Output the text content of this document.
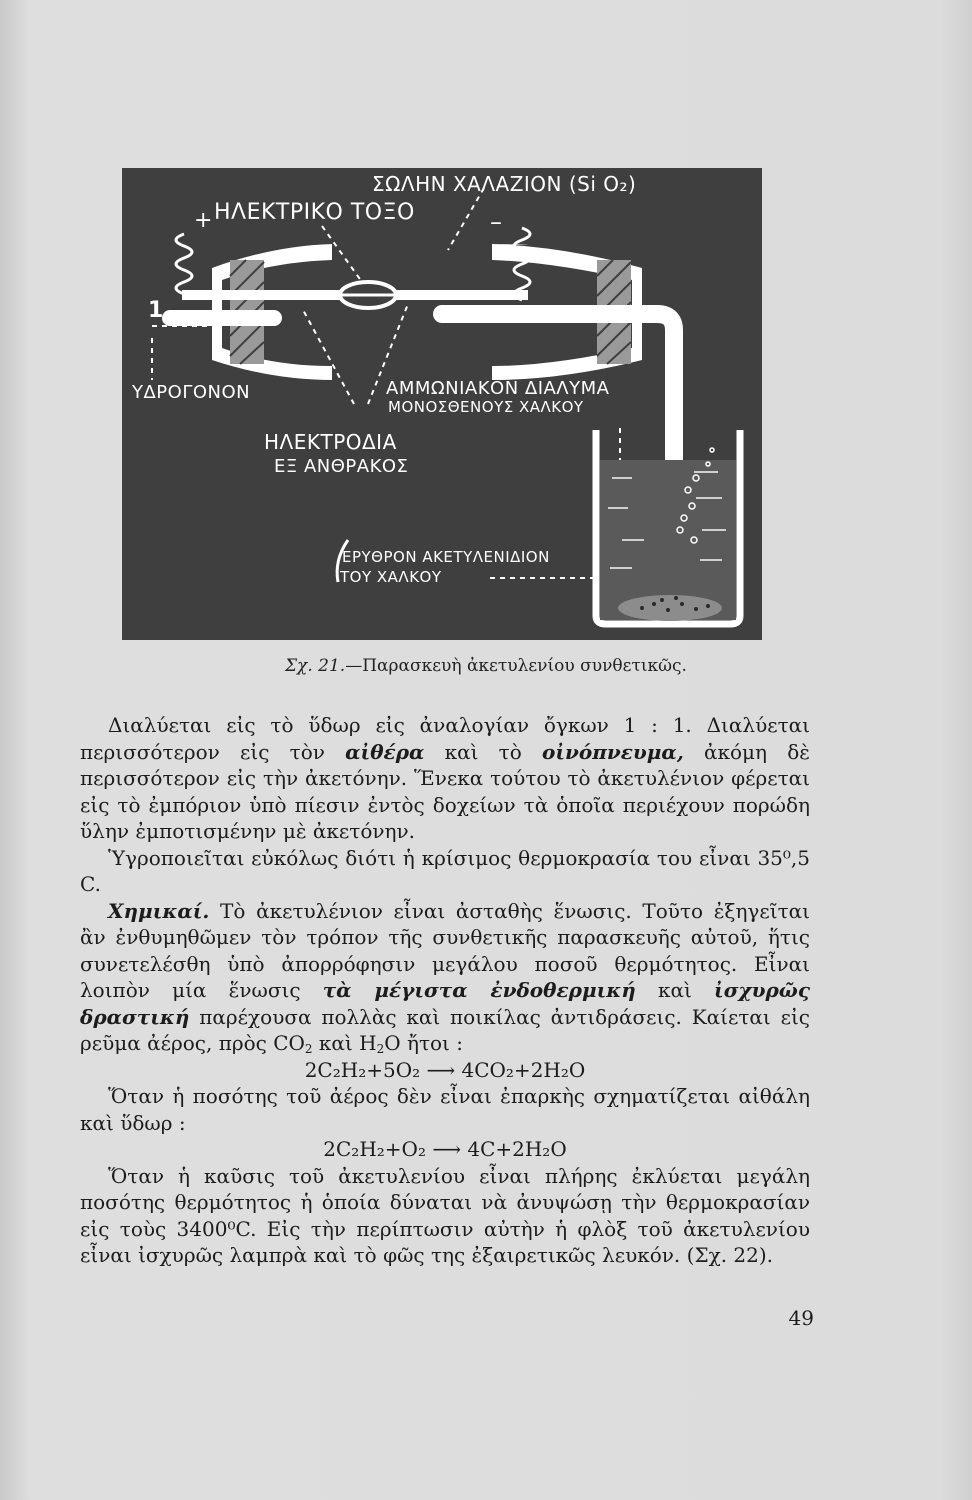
ΣΩΛΗΝ ΧΑΛΑΖΙΟΝ (Si O₂)
ΗΛΕΚΤΡΙΚΟ ΤΟΞΟ
+	–
1
ΥΔΡΟΓΟΝΟΝ	ΑΜΜΩΝΙΑΚΟΝ ΔΙΑΛΥΜΑ
ΜΟΝΟΣΘΕΝΟΥΣ ΧΑΛΚΟΥ
ΗΛΕΚΤΡΟΔΙΑ
ΕΞ ΑΝΘΡΑΚΟΣ
ΕΡΥΘΡΟΝ ΑΚΕΤΥΛΕΝΙΔΙΟΝ
ΤΟΥ ΧΑΛΚΟΥ
Σχ. 21.—Παρασκευὴ ἀκετυλενίου συνθετικῶς.

Διαλύεται εἰς τὸ ὕδωρ εἰς ἀναλογίαν ὄγκων 1 : 1. Διαλύεται περισσότερον εἰς τὸν αἰθέρα καὶ τὸ οἰνόπνευμα, ἀκόμη δὲ περισσότερον εἰς τὴν ἀκετόνην. Ἕνεκα τούτου τὸ ἀκετυλένιον φέρεται εἰς τὸ ἐμπόριον ὑπὸ πίεσιν ἐντὸς δοχείων τὰ ὁποῖα περιέχουν πορώδη ὕλην ἐμποτισμένην μὲ ἀκετόνην.

Ὑγροποιεῖται εὐκόλως διότι ἡ κρίσιμος θερμοκρασία του εἶναι 35⁰,5 C.

Χημικαί. Τὸ ἀκετυλένιον εἶναι ἀσταθὴς ἕνωσις. Τοῦτο ἐξηγεῖται ἂν ἐνθυμηθῶμεν τὸν τρόπον τῆς συνθετικῆς παρασκευῆς αὐτοῦ, ἥτις συνετελέσθη ὑπὸ ἀπορρόφησιν μεγάλου ποσοῦ θερμότητος. Εἶναι λοιπὸν μία ἕνωσις τὰ μέγιστα ἐνδοθερμική καὶ ἰσχυρῶς δραστική παρέχουσα πολλὰς καὶ ποικίλας ἀντιδράσεις. Καίεται εἰς ρεῦμα ἀέρος, πρὸς $CO_2$ καὶ $H_2O$ ἤτοι :

2C₂H₂+5O₂ ⟶ 4CO₂+2H₂O

Ὅταν ἡ ποσότης τοῦ ἀέρος δὲν εἶναι ἐπαρκὴς σχηματίζεται αἰθάλη καὶ ὕδωρ :

2C₂H₂+O₂ ⟶ 4C+2H₂O

Ὅταν ἡ καῦσις τοῦ ἀκετυλενίου εἶναι πλήρης ἐκλύεται μεγάλη ποσότης θερμότητος ἡ ὁποία δύναται νὰ ἀνυψώσῃ τὴν θερμοκρασίαν εἰς τοὺς 3400⁰C. Εἰς τὴν περίπτωσιν αὐτὴν ἡ φλὸξ τοῦ ἀκετυλενίου εἶναι ἰσχυρῶς λαμπρὰ καὶ τὸ φῶς της ἐξαιρετικῶς λευκόν. (Σχ. 22).

49
